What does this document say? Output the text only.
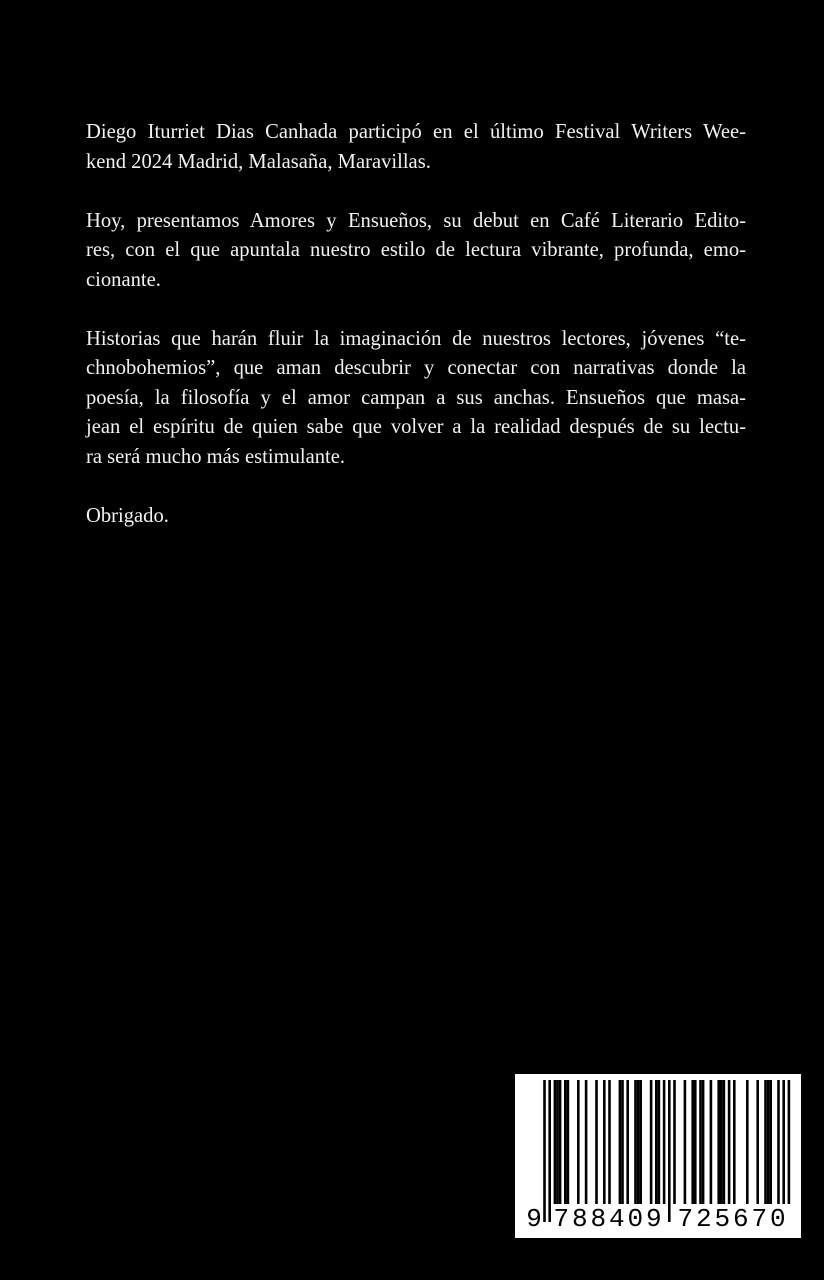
Diego Iturriet Dias Canhada participó en el último Festival Writers Wee-
kend 2024 Madrid, Malasaña, Maravillas.
Hoy, presentamos Amores y Ensueños, su debut en Café Literario Edito-
res, con el que apuntala nuestro estilo de lectura vibrante, profunda, emo-
cionante.
Historias que harán fluir la imaginación de nuestros lectores, jóvenes “te-
chnobohemios”, que aman descubrir y conectar con narrativas donde la
poesía, la filosofía y el amor campan a sus anchas. Ensueños que masa-
jean el espíritu de quien sabe que volver a la realidad después de su lectu-
ra será mucho más estimulante.
Obrigado.
9 788409 725670
